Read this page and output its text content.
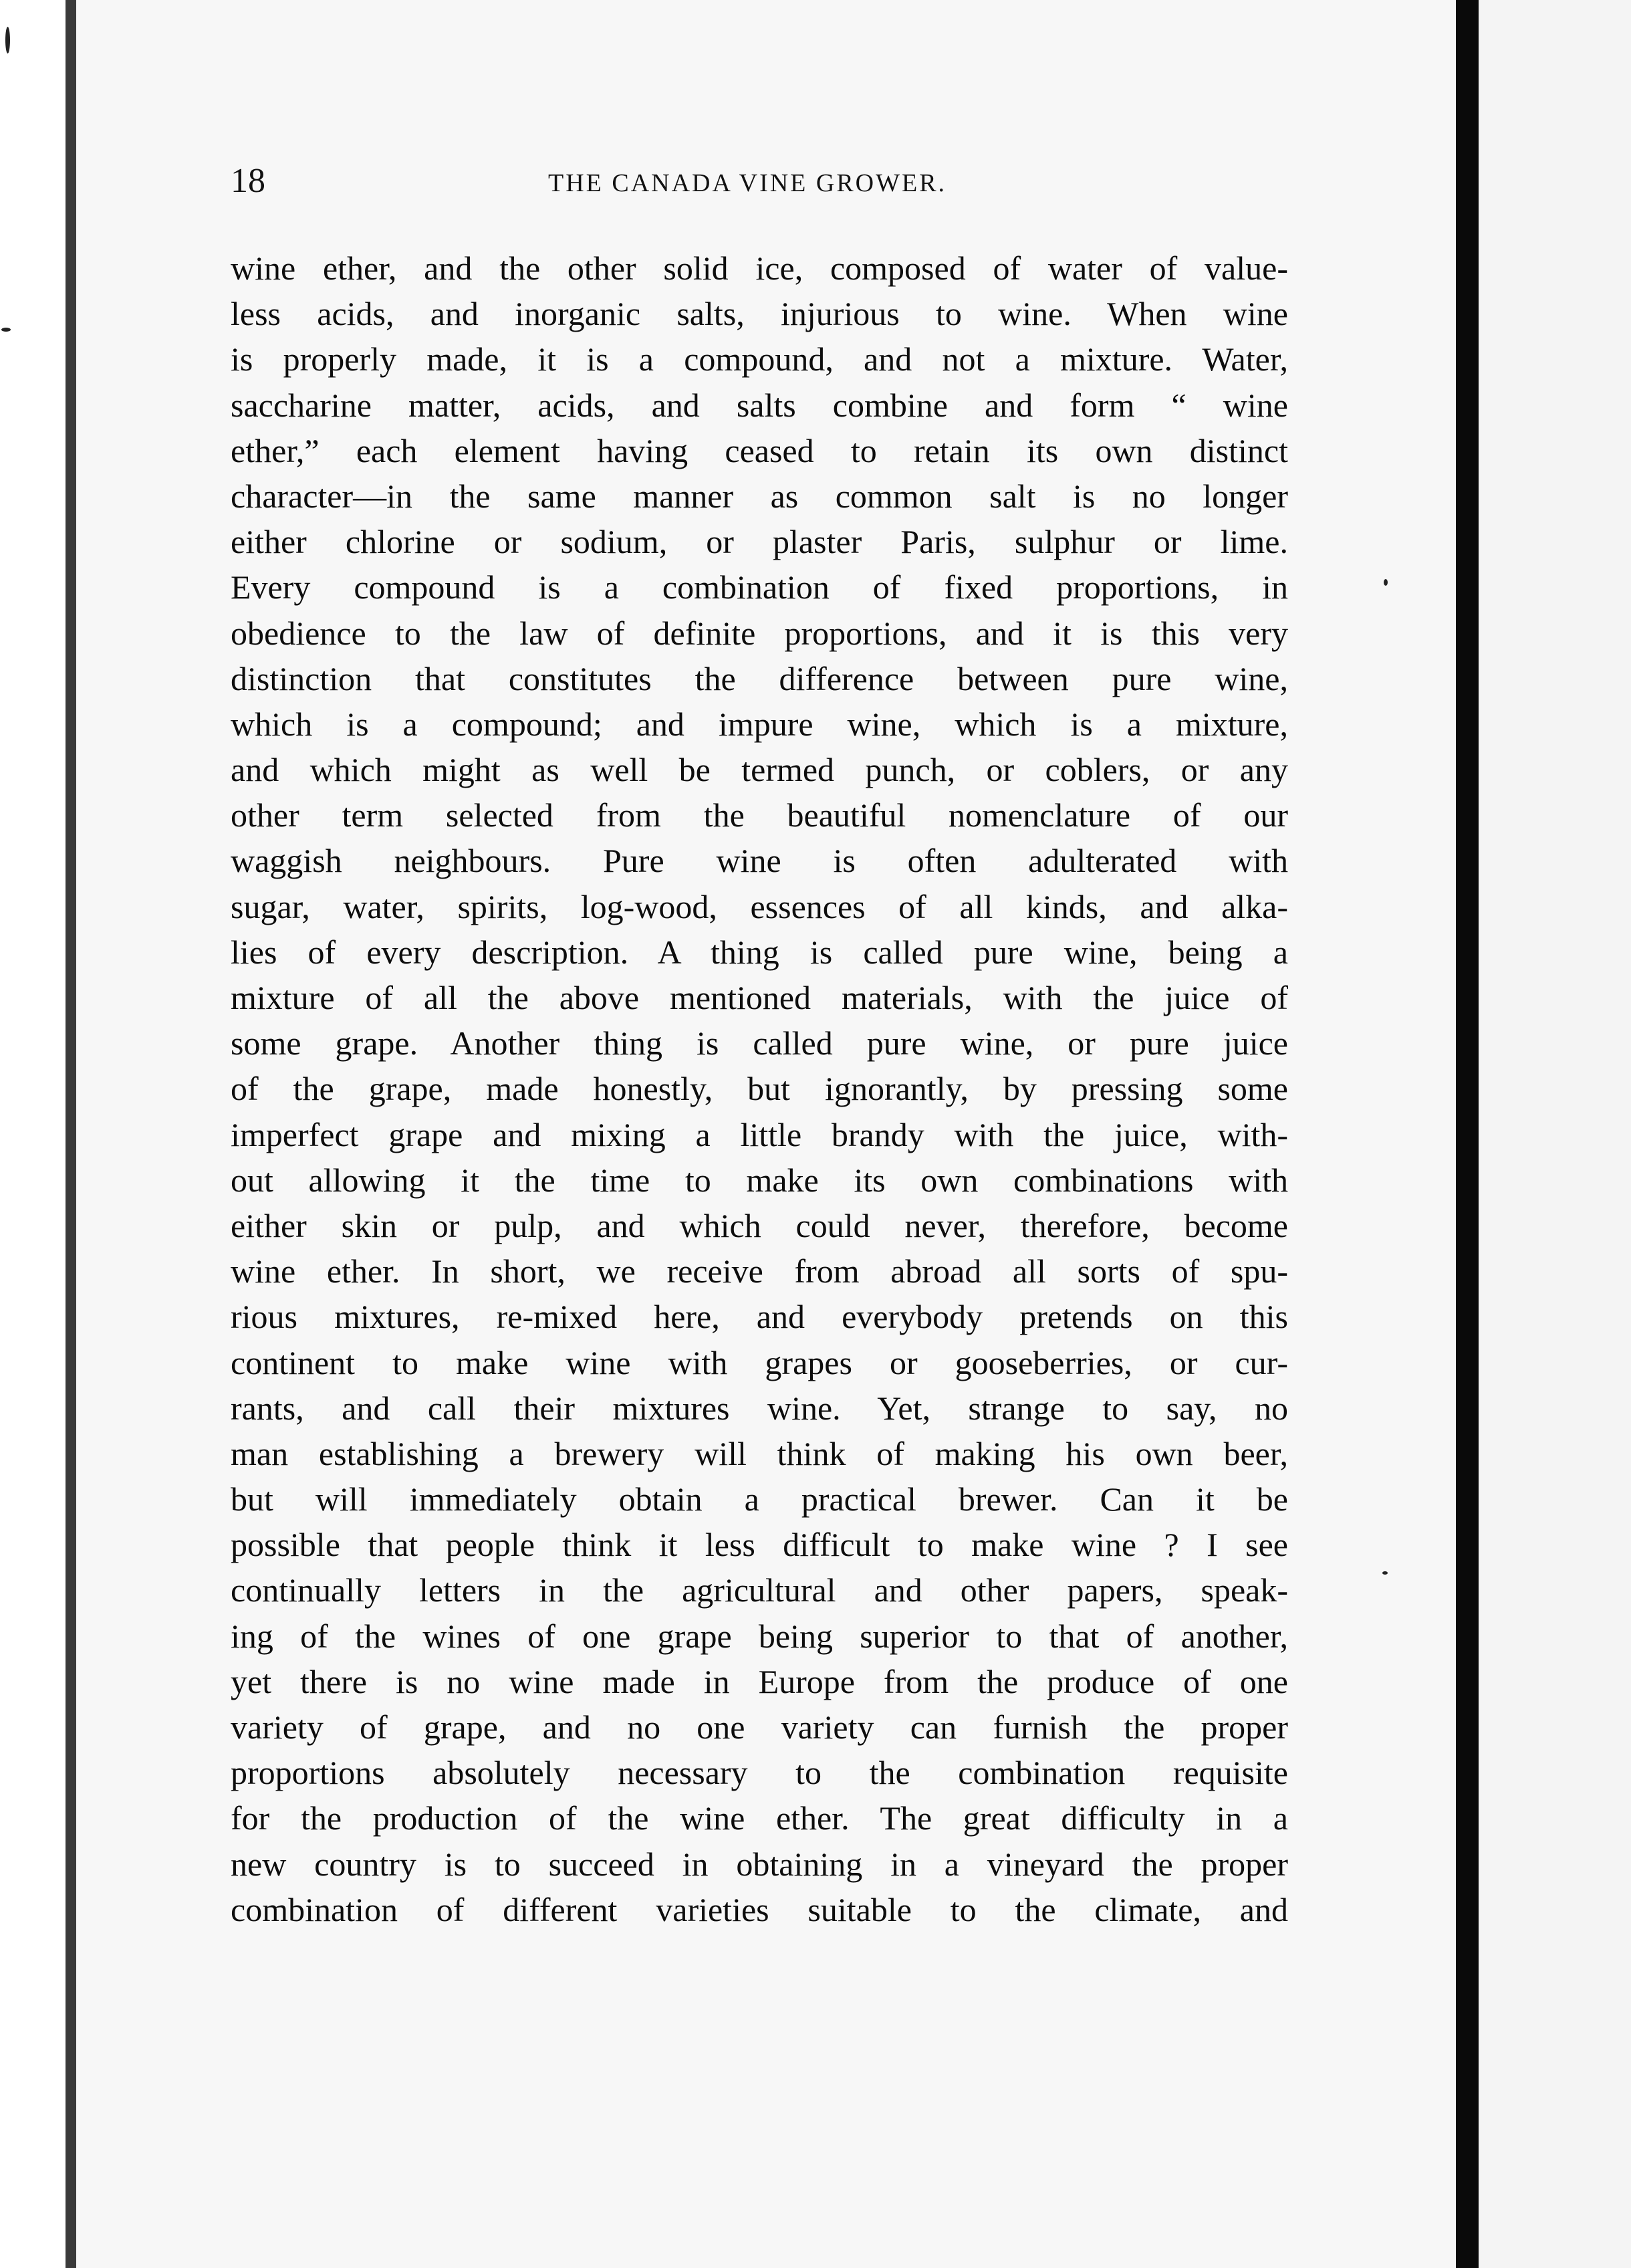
18	THE CANADA VINE GROWER.
wine ether, and the other solid ice, composed of water of value-
less acids, and inorganic salts, injurious to wine. When wine
is properly made, it is a compound, and not a mixture. Water,
saccharine matter, acids, and salts combine and form “ wine
ether,” each element having ceased to retain its own distinct
character—in the same manner as common salt is no longer
either chlorine or sodium, or plaster Paris, sulphur or lime.
Every compound is a combination of fixed proportions, in
obedience to the law of definite proportions, and it is this very
distinction that constitutes the difference between pure wine,
which is a compound; and impure wine, which is a mixture,
and which might as well be termed punch, or coblers, or any
other term selected from the beautiful nomenclature of our
waggish neighbours. Pure wine is often adulterated with
sugar, water, spirits, log-wood, essences of all kinds, and alka-
lies of every description. A thing is called pure wine, being a
mixture of all the above mentioned materials, with the juice of
some grape. Another thing is called pure wine, or pure juice
of the grape, made honestly, but ignorantly, by pressing some
imperfect grape and mixing a little brandy with the juice, with-
out allowing it the time to make its own combinations with
either skin or pulp, and which could never, therefore, become
wine ether. In short, we receive from abroad all sorts of spu-
rious mixtures, re-mixed here, and everybody pretends on this
continent to make wine with grapes or gooseberries, or cur-
rants, and call their mixtures wine. Yet, strange to say, no
man establishing a brewery will think of making his own beer,
but will immediately obtain a practical brewer. Can it be
possible that people think it less difficult to make wine ? I see
continually letters in the agricultural and other papers, speak-
ing of the wines of one grape being superior to that of another,
yet there is no wine made in Europe from the produce of one
variety of grape, and no one variety can furnish the proper
proportions absolutely necessary to the combination requisite
for the production of the wine ether. The great difficulty in a
new country is to succeed in obtaining in a vineyard the proper
combination of different varieties suitable to the climate, and
